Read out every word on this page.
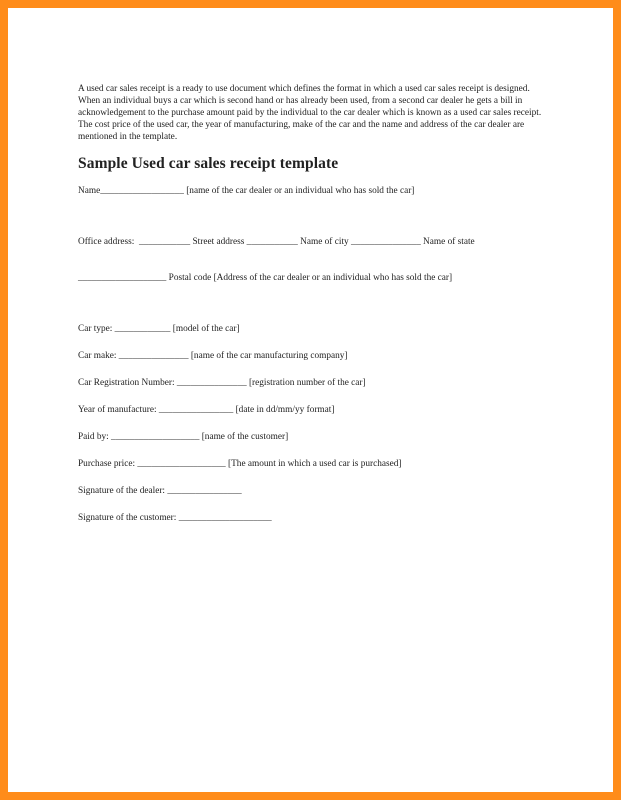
A used car sales receipt is a ready to use document which defines the format in which a used car sales receipt is designed. When an individual buys a car which is second hand or has already been used, from a second car dealer he gets a bill in acknowledgement to the purchase amount paid by the individual to the car dealer which is known as a used car sales receipt. The cost price of the used car, the year of manufacturing, make of the car and the name and address of the car dealer are mentioned in the template.

Sample Used car sales receipt template
Name__________________ [name of the car dealer or an individual who has sold the car]

Office address:  ___________ Street address ___________ Name of city _______________ Name of state

___________________ Postal code [Address of the car dealer or an individual who has sold the car]

Car type: ____________ [model of the car]
Car make: _______________ [name of the car manufacturing company]
Car Registration Number: _______________ [registration number of the car]
Year of manufacture: ________________ [date in dd/mm/yy format]
Paid by: ___________________ [name of the customer]
Purchase price: ___________________ [The amount in which a used car is purchased]
Signature of the dealer: ________________
Signature of the customer: ____________________
